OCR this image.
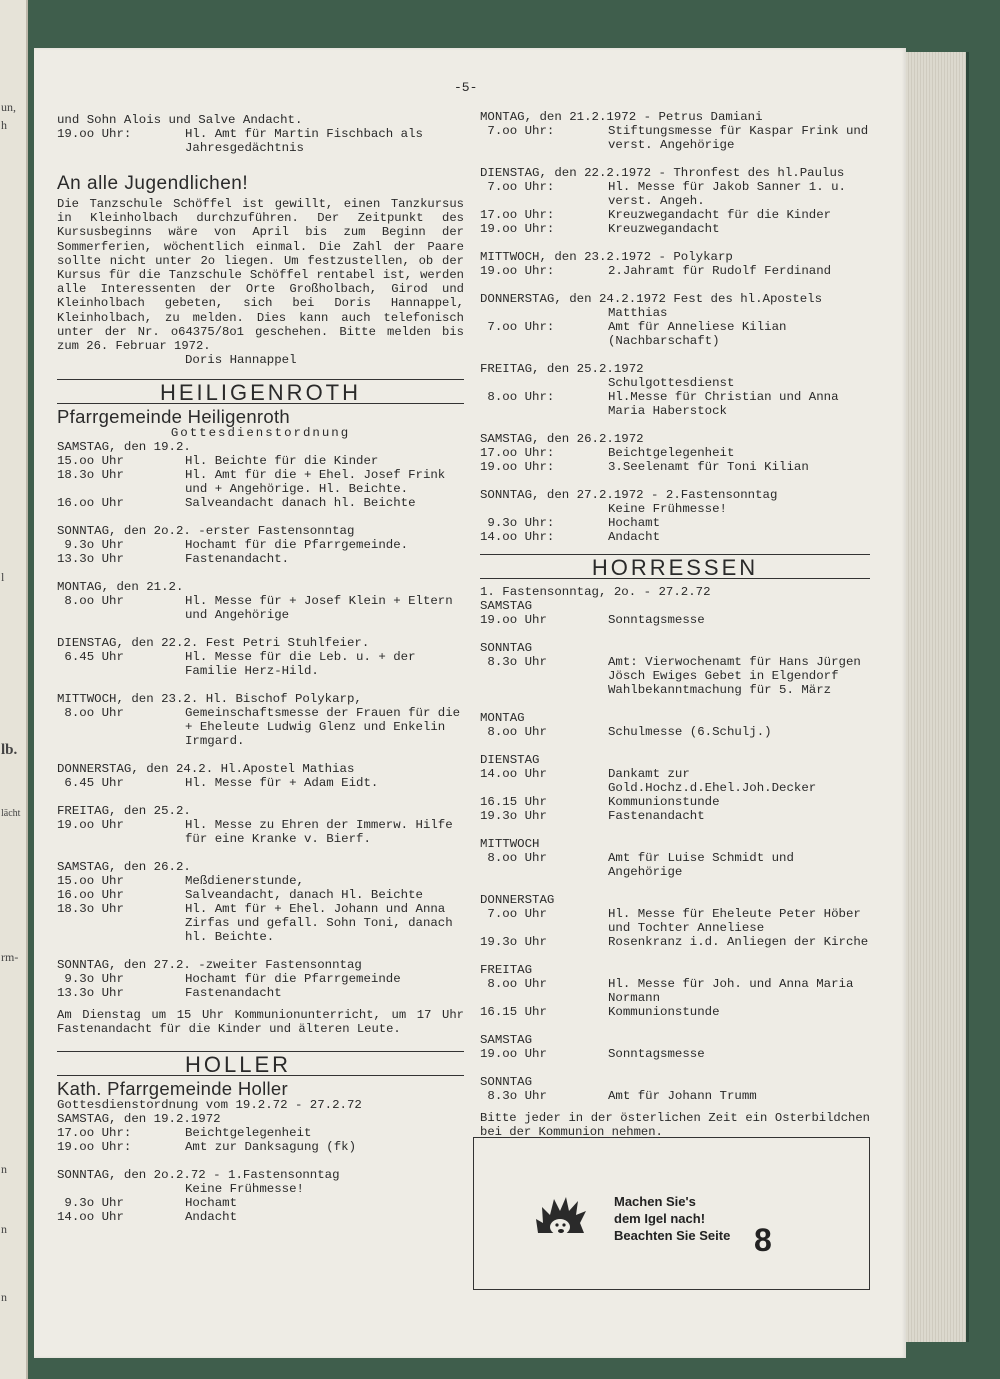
un,
h
l
lb.
lächt
rm-
n
n
n
-5-
und Sohn Alois und Salve Andacht.
19.oo Uhr:	Hl. Amt für Martin Fischbach als Jahresgedächtnis
An alle Jugendlichen!
Die Tanzschule Schöffel ist gewillt, einen Tanzkursus in Kleinholbach durchzuführen. Der Zeitpunkt des Kursusbeginns wäre von April bis zum Beginn der Sommerferien, wöchentlich einmal. Die Zahl der Paare sollte nicht unter 2o liegen. Um festzustellen, ob der Kursus für die Tanzschule Schöffel rentabel ist, werden alle Interessenten der Orte Großholbach, Girod und Kleinholbach gebeten, sich bei Doris Hannappel, Kleinholbach, zu melden. Dies kann auch telefonisch unter der Nr. o64375/8o1 geschehen. Bitte melden bis zum 26. Februar 1972.
Doris Hannappel
HEILIGENROTH
Pfarrgemeinde Heiligenroth
Gottesdienstordnung
SAMSTAG, den 19.2.
15.oo Uhr	Hl. Beichte für die Kinder
18.3o Uhr	Hl. Amt für die + Ehel. Josef Frink und + Angehörige. Hl. Beichte.
16.oo Uhr	Salveandacht danach hl. Beichte
SONNTAG, den 2o.2. -erster Fastensonntag
9.3o Uhr	Hochamt für die Pfarrgemeinde.
13.3o Uhr	Fastenandacht.
MONTAG, den 21.2.
8.oo Uhr	Hl. Messe für + Josef Klein + Eltern und Angehörige
DIENSTAG, den 22.2. Fest Petri Stuhlfeier.
6.45 Uhr	Hl. Messe für die Leb. u. + der Familie Herz-Hild.
MITTWOCH, den 23.2. Hl. Bischof Polykarp,
8.oo Uhr	Gemeinschaftsmesse der Frauen für die + Eheleute Ludwig Glenz und Enkelin Irmgard.
DONNERSTAG, den 24.2. Hl.Apostel Mathias
6.45 Uhr	Hl. Messe für + Adam Eidt.
FREITAG, den 25.2.
19.oo Uhr	Hl. Messe zu Ehren der Immerw. Hilfe für eine Kranke v. Bierf.
SAMSTAG, den 26.2.
15.oo Uhr	Meßdienerstunde,
16.oo Uhr	Salveandacht, danach Hl. Beichte
18.3o Uhr	Hl. Amt für + Ehel. Johann und Anna Zirfas und gefall. Sohn Toni, danach hl. Beichte.
SONNTAG, den 27.2. -zweiter Fastensonntag
9.3o Uhr	Hochamt für die Pfarrgemeinde
13.3o Uhr	Fastenandacht
Am Dienstag um 15 Uhr Kommunionunterricht, um 17 Uhr Fastenandacht für die Kinder und älteren Leute.
HOLLER
Kath. Pfarrgemeinde Holler
Gottesdienstordnung vom 19.2.72 - 27.2.72
SAMSTAG, den 19.2.1972
17.oo Uhr:	Beichtgelegenheit
19.oo Uhr:	Amt zur Danksagung (fk)
SONNTAG, den 2o.2.72 - 1.Fastensonntag
Keine Frühmesse!
9.3o Uhr	Hochamt
14.oo Uhr	Andacht
MONTAG, den 21.2.1972 - Petrus Damiani
7.oo Uhr:	Stiftungsmesse für Kaspar Frink und verst. Angehörige
DIENSTAG, den 22.2.1972 - Thronfest des hl.Paulus
7.oo Uhr:	Hl. Messe für Jakob Sanner 1. u. verst. Angeh.
17.oo Uhr:	Kreuzwegandacht für die Kinder
19.oo Uhr:	Kreuzwegandacht
MITTWOCH, den 23.2.1972 - Polykarp
19.oo Uhr:	2.Jahramt für Rudolf Ferdinand
DONNERSTAG, den 24.2.1972 Fest des hl.Apostels
Matthias
7.oo Uhr:	Amt für Anneliese Kilian (Nachbarschaft)
FREITAG, den 25.2.1972
Schulgottesdienst
8.oo Uhr:	Hl.Messe für Christian und Anna Maria Haberstock
SAMSTAG, den 26.2.1972
17.oo Uhr:	Beichtgelegenheit
19.oo Uhr:	3.Seelenamt für Toni Kilian
SONNTAG, den 27.2.1972 - 2.Fastensonntag
Keine Frühmesse!
9.3o Uhr:	Hochamt
14.oo Uhr:	Andacht
HORRESSEN
1. Fastensonntag, 2o. - 27.2.72
SAMSTAG
19.oo Uhr	Sonntagsmesse
SONNTAG
8.3o Uhr	Amt: Vierwochenamt für Hans Jürgen Jösch Ewiges Gebet in Elgendorf Wahlbekanntmachung für 5. März
MONTAG
8.oo Uhr	Schulmesse (6.Schulj.)
DIENSTAG
14.oo Uhr	Dankamt zur Gold.Hochz.d.Ehel.Joh.Decker
16.15 Uhr	Kommunionstunde
19.3o Uhr	Fastenandacht
MITTWOCH
8.oo Uhr	Amt für Luise Schmidt und Angehörige
DONNERSTAG
7.oo Uhr	Hl. Messe für Eheleute Peter Höber und Tochter Anneliese
19.3o Uhr	Rosenkranz i.d. Anliegen der Kirche
FREITAG
8.oo Uhr	Hl. Messe für Joh. und Anna Maria Normann
16.15 Uhr	Kommunionstunde
SAMSTAG
19.oo Uhr	Sonntagsmesse
SONNTAG
8.3o Uhr	Amt für Johann Trumm
Bitte jeder in der österlichen Zeit ein Osterbildchen bei der Kommunion nehmen.
Machen Sie's
dem Igel nach!
Beachten Sie Seite 8
